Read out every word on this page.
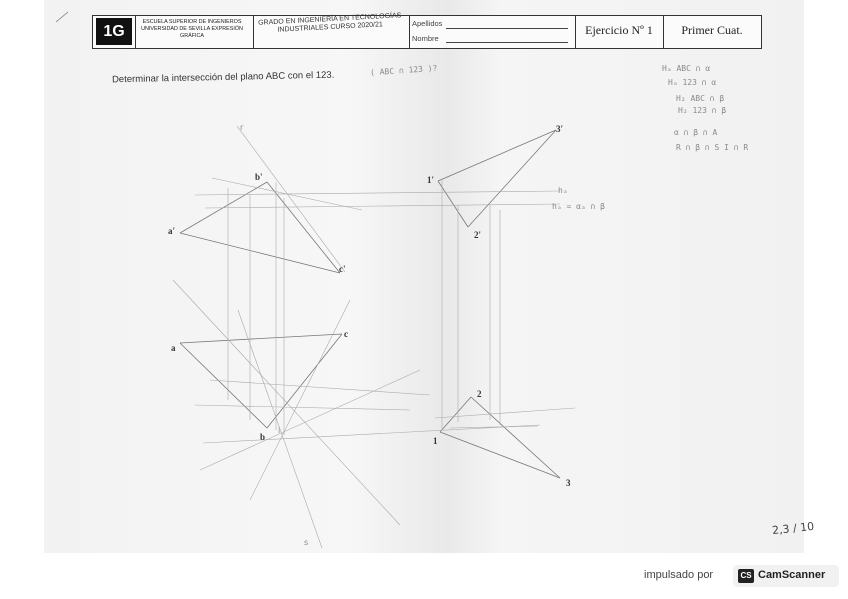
1G
ESCUELA SUPERIOR DE INGENIEROS UNIVERSIDAD DE SEVILLA EXPRESIÓN GRÁFICA
GRADO EN INGENIERÍA EN TECNOLOGÍAS INDUSTRIALES CURSO 2020/21	Apellidos
Nombre
Ejercicio Nº 1	Primer Cuat.
Determinar la intersección del plano ABC con el 123.	( ABC ∩ 123 )?	Hₐ ABC ∩ α
Hₐ 123 ∩ α
H₂ ABC ∩ β
H₂ 123 ∩ β
α ∩ β ∩ A
R ∩ β ∩ S I ∩ R
hₐ
hₐ = αₐ ∩ β
b'
a'
c'
1'
2'
3'
a
b
c
1
2
3
r
s
i
2,3 / 10
impulsado por	CS CamScanner
